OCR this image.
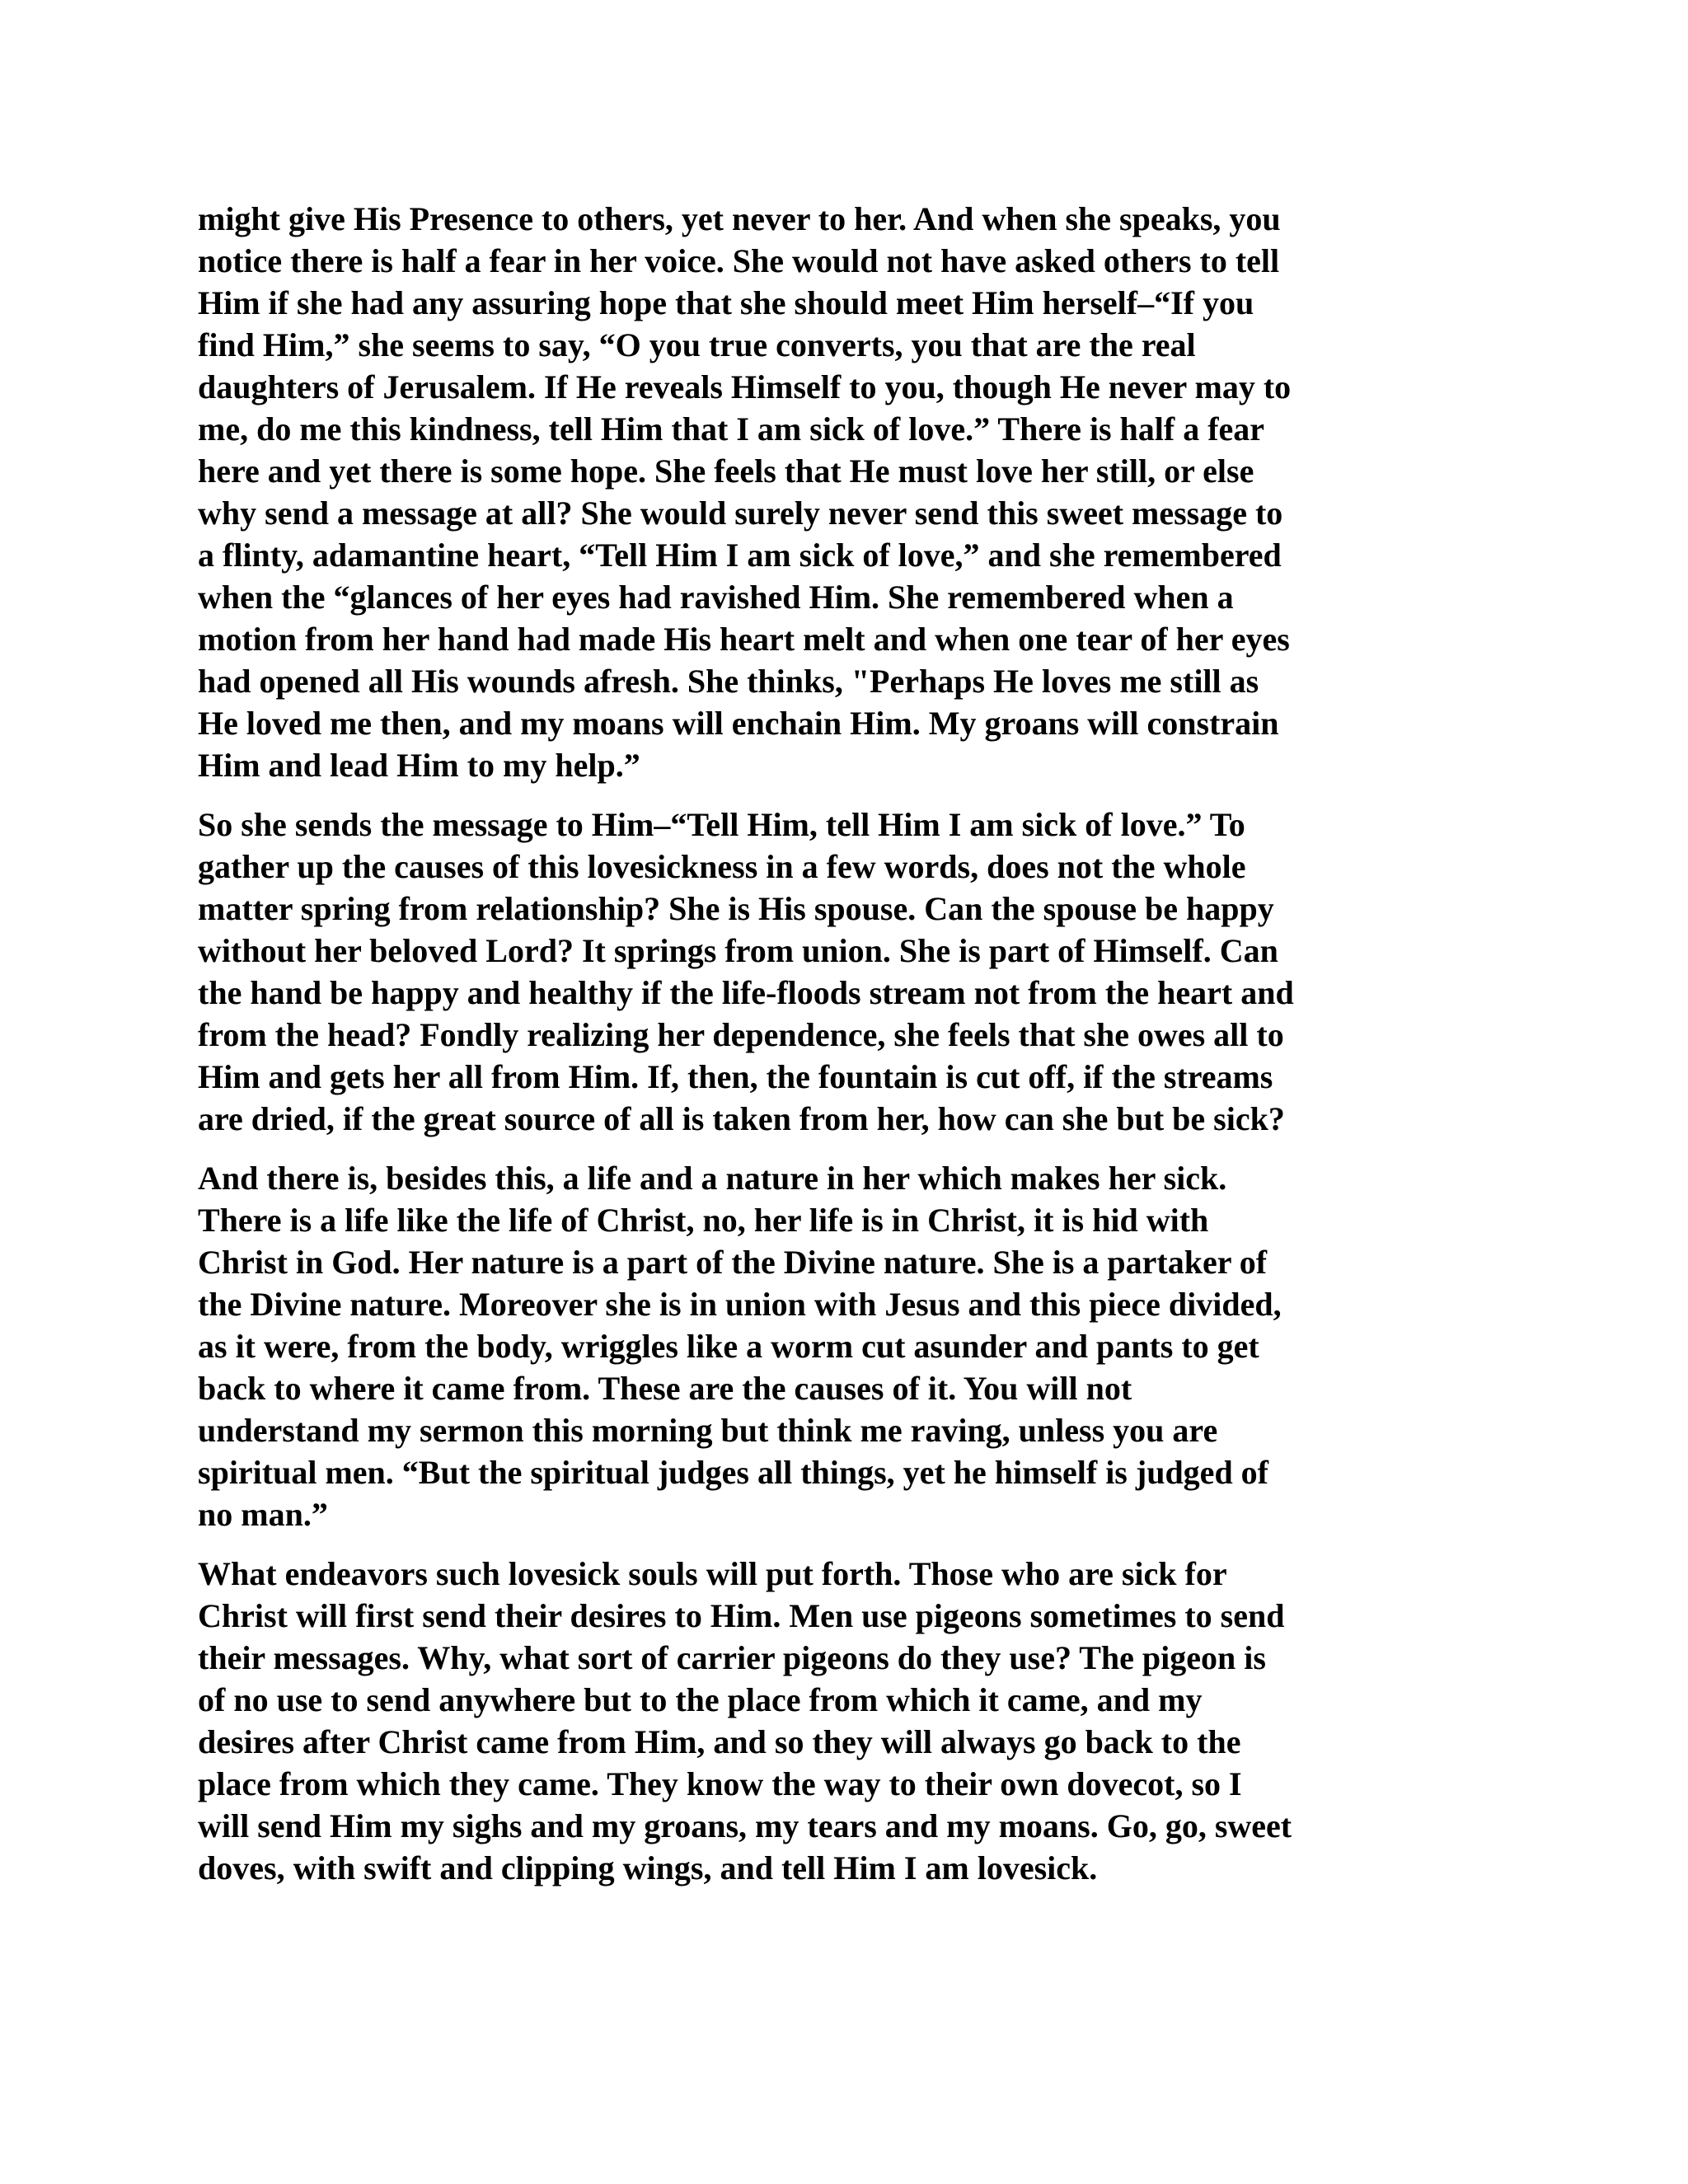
might give His Presence to others, yet never to her. And when she speaks, you
notice there is half a fear in her voice. She would not have asked others to tell
Him if she had any assuring hope that she should meet Him herself–“If you
find Him,” she seems to say, “O you true converts, you that are the real
daughters of Jerusalem. If He reveals Himself to you, though He never may to
me, do me this kindness, tell Him that I am sick of love.” There is half a fear
here and yet there is some hope. She feels that He must love her still, or else
why send a message at all? She would surely never send this sweet message to
a flinty, adamantine heart, “Tell Him I am sick of love,” and she remembered
when the “glances of her eyes had ravished Him. She remembered when a
motion from her hand had made His heart melt and when one tear of her eyes
had opened all His wounds afresh. She thinks, "Perhaps He loves me still as
He loved me then, and my moans will enchain Him. My groans will constrain
Him and lead Him to my help.”
So she sends the message to Him–“Tell Him, tell Him I am sick of love.” To
gather up the causes of this lovesickness in a few words, does not the whole
matter spring from relationship? She is His spouse. Can the spouse be happy
without her beloved Lord? It springs from union. She is part of Himself. Can
the hand be happy and healthy if the life-floods stream not from the heart and
from the head? Fondly realizing her dependence, she feels that she owes all to
Him and gets her all from Him. If, then, the fountain is cut off, if the streams
are dried, if the great source of all is taken from her, how can she but be sick?
And there is, besides this, a life and a nature in her which makes her sick.
There is a life like the life of Christ, no, her life is in Christ, it is hid with
Christ in God. Her nature is a part of the Divine nature. She is a partaker of
the Divine nature. Moreover she is in union with Jesus and this piece divided,
as it were, from the body, wriggles like a worm cut asunder and pants to get
back to where it came from. These are the causes of it. You will not
understand my sermon this morning but think me raving, unless you are
spiritual men. “But the spiritual judges all things, yet he himself is judged of
no man.”
What endeavors such lovesick souls will put forth. Those who are sick for
Christ will first send their desires to Him. Men use pigeons sometimes to send
their messages. Why, what sort of carrier pigeons do they use? The pigeon is
of no use to send anywhere but to the place from which it came, and my
desires after Christ came from Him, and so they will always go back to the
place from which they came. They know the way to their own dovecot, so I
will send Him my sighs and my groans, my tears and my moans. Go, go, sweet
doves, with swift and clipping wings, and tell Him I am lovesick.
